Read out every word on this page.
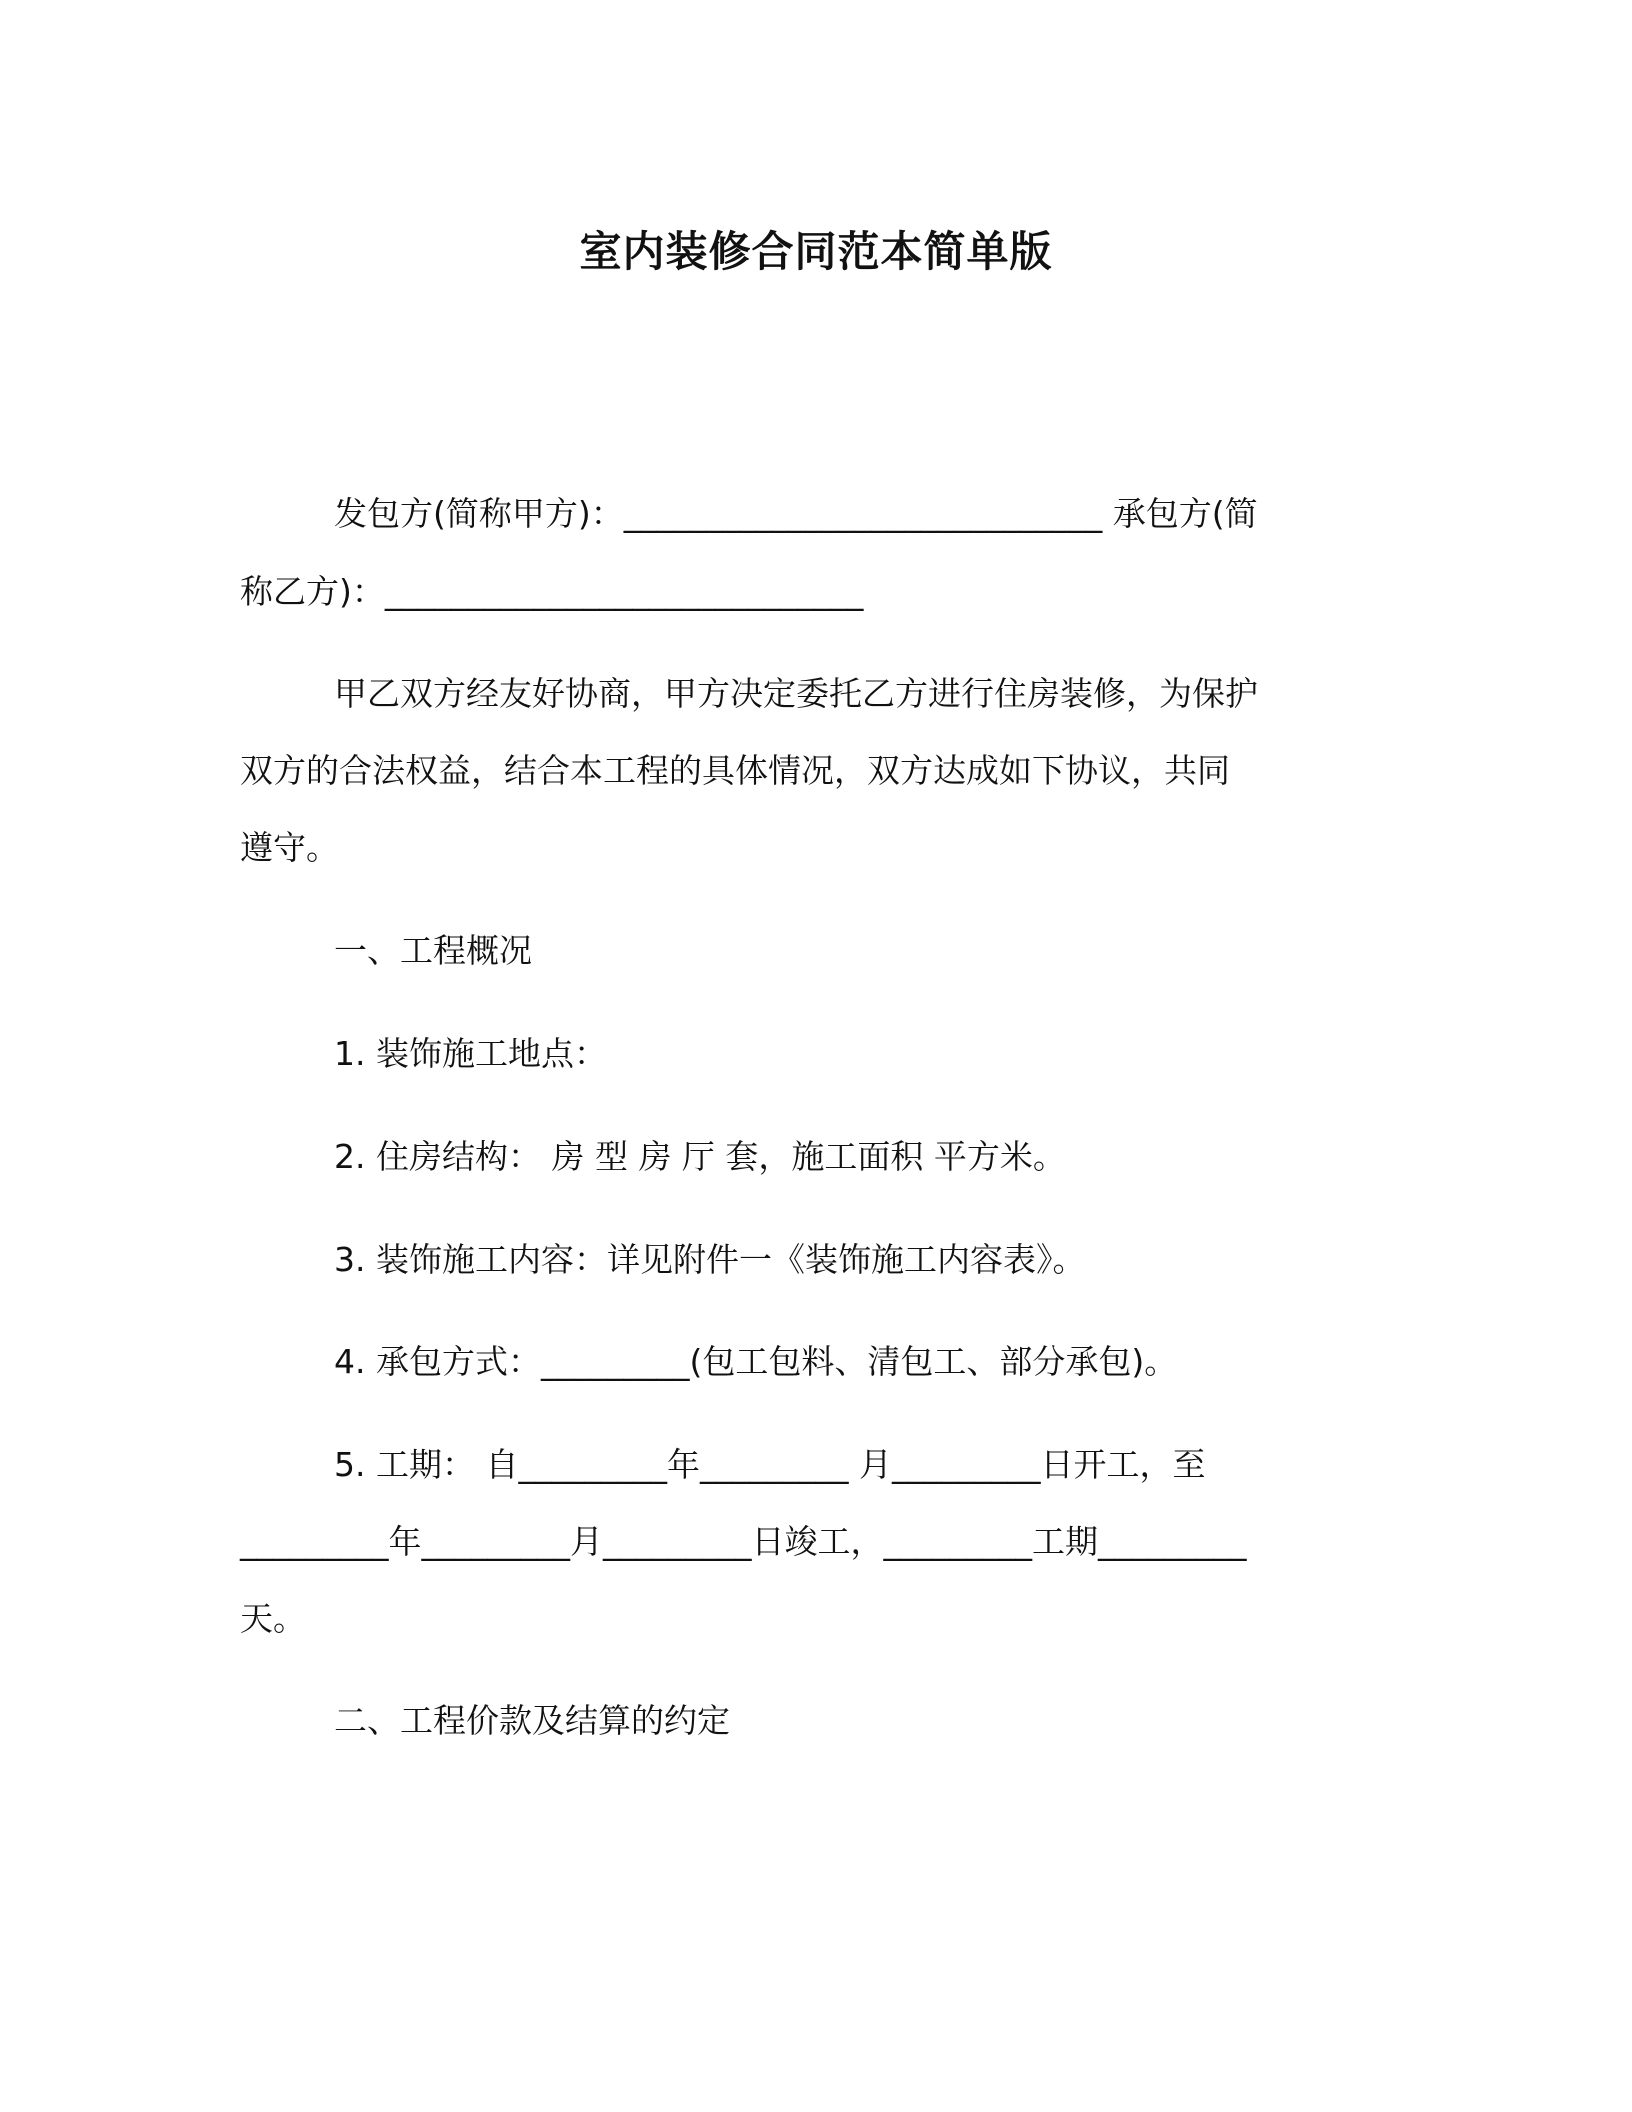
室内装修合同范本简单版
发包方(简称甲方)：_____________________________ 承包方(简
称乙方)：_____________________________
甲乙双方经友好协商，甲方决定委托乙方进行住房装修，为保护
双方的合法权益，结合本工程的具体情况，双方达成如下协议，共同
遵守。
一、工程概况
1. 装饰施工地点：
2. 住房结构： 房 型 房 厅 套，施工面积 平方米。
3. 装饰施工内容：详见附件一《装饰施工内容表》。
4. 承包方式：_________(包工包料、清包工、部分承包)。
5. 工期： 自_________年_________ 月_________日开工，至
_________年_________月_________日竣工，_________工期_________
天。
二、工程价款及结算的约定
